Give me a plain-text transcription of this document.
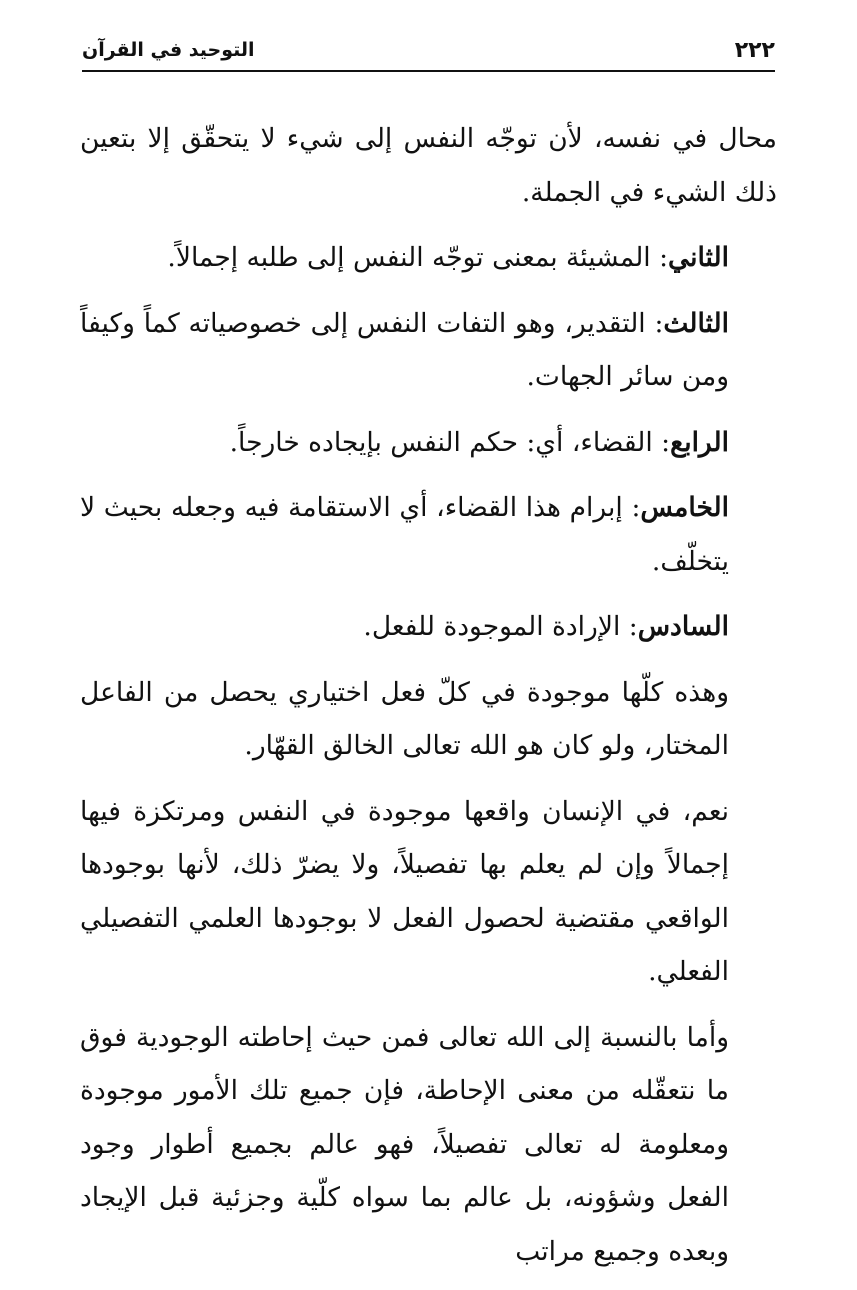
٢٢٢
التوحيد في القرآن

محال في نفسه، لأن توجّه النفس إلى شيء لا يتحقّق إلا بتعين ذلك الشيء في الجملة.

الثاني: المشيئة بمعنى توجّه النفس إلى طلبه إجمالاً.

الثالث: التقدير، وهو التفات النفس إلى خصوصياته كماً وكيفاً ومن سائر الجهات.

الرابع: القضاء، أي: حكم النفس بإيجاده خارجاً.

الخامس: إبرام هذا القضاء، أي الاستقامة فيه وجعله بحيث لا يتخلّف.

السادس: الإرادة الموجودة للفعل.

وهذه كلّها موجودة في كلّ فعل اختياري يحصل من الفاعل المختار، ولو كان هو الله تعالى الخالق القهّار.

نعم، في الإنسان واقعها موجودة في النفس ومرتكزة فيها إجمالاً وإن لم يعلم بها تفصيلاً، ولا يضرّ ذلك، لأنها بوجودها الواقعي مقتضية لحصول الفعل لا بوجودها العلمي التفصيلي الفعلي.

وأما بالنسبة إلى الله تعالى فمن حيث إحاطته الوجودية فوق ما نتعقّله من معنى الإحاطة، فإن جميع تلك الأمور موجودة ومعلومة له تعالى تفصيلاً، فهو عالم بجميع أطوار وجود الفعل وشؤونه، بل عالم بما سواه كلّية وجزئية قبل الإيجاد وبعده وجميع مراتب
